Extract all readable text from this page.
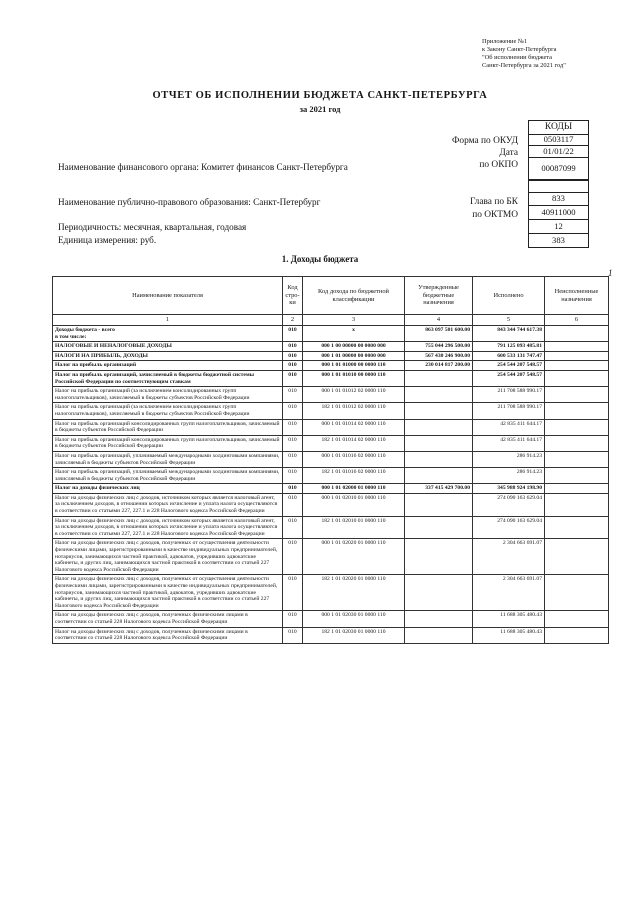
Приложение №1
к Закону Санкт-Петербурга
"Об исполнении бюджета
Санкт-Петербурга за 2021 год"
ОТЧЕТ ОБ ИСПОЛНЕНИИ БЮДЖЕТА САНКТ-ПЕТЕРБУРГА
за 2021 год
КОДЫ
Форма по ОКУД	0503117
Дата	01/01/22
по ОКПО	00087099
Глава по БК	833
по ОКТМО	40911000
12
383
Наименование финансового органа: Комитет финансов Санкт-Петербурга
Наименование публично-правового образования: Санкт-Петербург
Периодичность: месячная, квартальная, годовая
Единица измерения: руб.
1. Доходы бюджета
1
Наименование показателя	Код стро-ки	Код дохода по бюджетной классификации	Утвержденные бюджетные назначения	Исполнено	Неисполненные назначения
1	2	3	4	5	6
Доходы бюджета - всего
в том числе:	010	x	863 097 501 600.00	843 344 744 617.38	
НАЛОГОВЫЕ И НЕНАЛОГОВЫЕ ДОХОДЫ	010	000 1 00 00000 00 0000 000	755 044 296 500.00	791 125 093 485.81	
НАЛОГИ НА ПРИБЫЛЬ, ДОХОДЫ	010	000 1 01 00000 00 0000 000	567 430 246 900.00	600 533 131 747.47	
Налог на прибыль организаций	010	000 1 01 01000 00 0000 110	230 014 817 200.00	254 544 207 548.57	
Налог на прибыль организаций, зачисляемый в бюджеты бюджетной системы Российской Федерации по соответствующим ставкам	010	000 1 01 01010 00 0000 110		254 544 207 548.57	
Налог на прибыль организаций (за исключением консолидированных групп налогоплательщиков), зачисляемый в бюджеты субъектов Российской Федерации	010	000 1 01 01012 02 0000 110		211 708 588 990.17	
Налог на прибыль организаций (за исключением консолидированных групп налогоплательщиков), зачисляемый в бюджеты субъектов Российской Федерации	010	182 1 01 01012 02 0000 110		211 708 588 990.17	
Налог на прибыль организаций консолидированных групп налогоплательщиков, зачисляемый в бюджеты субъектов Российской Федерации	010	000 1 01 01014 02 0000 110		42 835 411 644.17	
Налог на прибыль организаций консолидированных групп налогоплательщиков, зачисляемый в бюджеты субъектов Российской Федерации	010	182 1 01 01014 02 0000 110		42 835 411 644.17	
Налог на прибыль организаций, уплачиваемый международными холдинговыми компаниями, зачисляемый в бюджеты субъектов Российской Федерации	010	000 1 01 01016 02 0000 110		286 914.23	
Налог на прибыль организаций, уплачиваемый международными холдинговыми компаниями, зачисляемый в бюджеты субъектов Российской Федерации	010	182 1 01 01016 02 0000 110		286 914.23	
Налог на доходы физических лиц	010	000 1 01 02000 01 0000 110	337 415 429 700.00	345 988 924 198.90	
Налог на доходы физических лиц с доходов, источником которых является налоговый агент, за исключением доходов, в отношении которых исчисление и уплата налога осуществляются в соответствии со статьями 227, 227.1 и 228 Налогового кодекса Российской Федерации	010	000 1 01 02010 01 0000 110		274 090 163 629.04	
Налог на доходы физических лиц с доходов, источником которых является налоговый агент, за исключением доходов, в отношении которых исчисление и уплата налога осуществляются в соответствии со статьями 227, 227.1 и 228 Налогового кодекса Российской Федерации	010	182 1 01 02010 01 0000 110		274 090 163 629.04	
Налог на доходы физических лиц с доходов, полученных от осуществления деятельности физическими лицами, зарегистрированными в качестве индивидуальных предпринимателей, нотариусов, занимающихся частной практикой, адвокатов, учредивших адвокатские кабинеты, и других лиц, занимающихся частной практикой в соответствии со статьей 227 Налогового кодекса Российской Федерации	010	000 1 01 02020 01 0000 110		2 304 663 691.07	
Налог на доходы физических лиц с доходов, полученных от осуществления деятельности физическими лицами, зарегистрированными в качестве индивидуальных предпринимателей, нотариусов, занимающихся частной практикой, адвокатов, учредивших адвокатские кабинеты, и других лиц, занимающихся частной практикой в соответствии со статьей 227 Налогового кодекса Российской Федерации	010	182 1 01 02020 01 0000 110		2 304 663 691.07	
Налог на доходы физических лиц с доходов, полученных физическими лицами в соответствии со статьей 228 Налогового кодекса Российской Федерации	010	000 1 01 02030 01 0000 110		11 688 305 480.43	
Налог на доходы физических лиц с доходов, полученных физическими лицами в соответствии со статьей 228 Налогового кодекса Российской Федерации	010	182 1 01 02030 01 0000 110		11 688 305 480.43	
